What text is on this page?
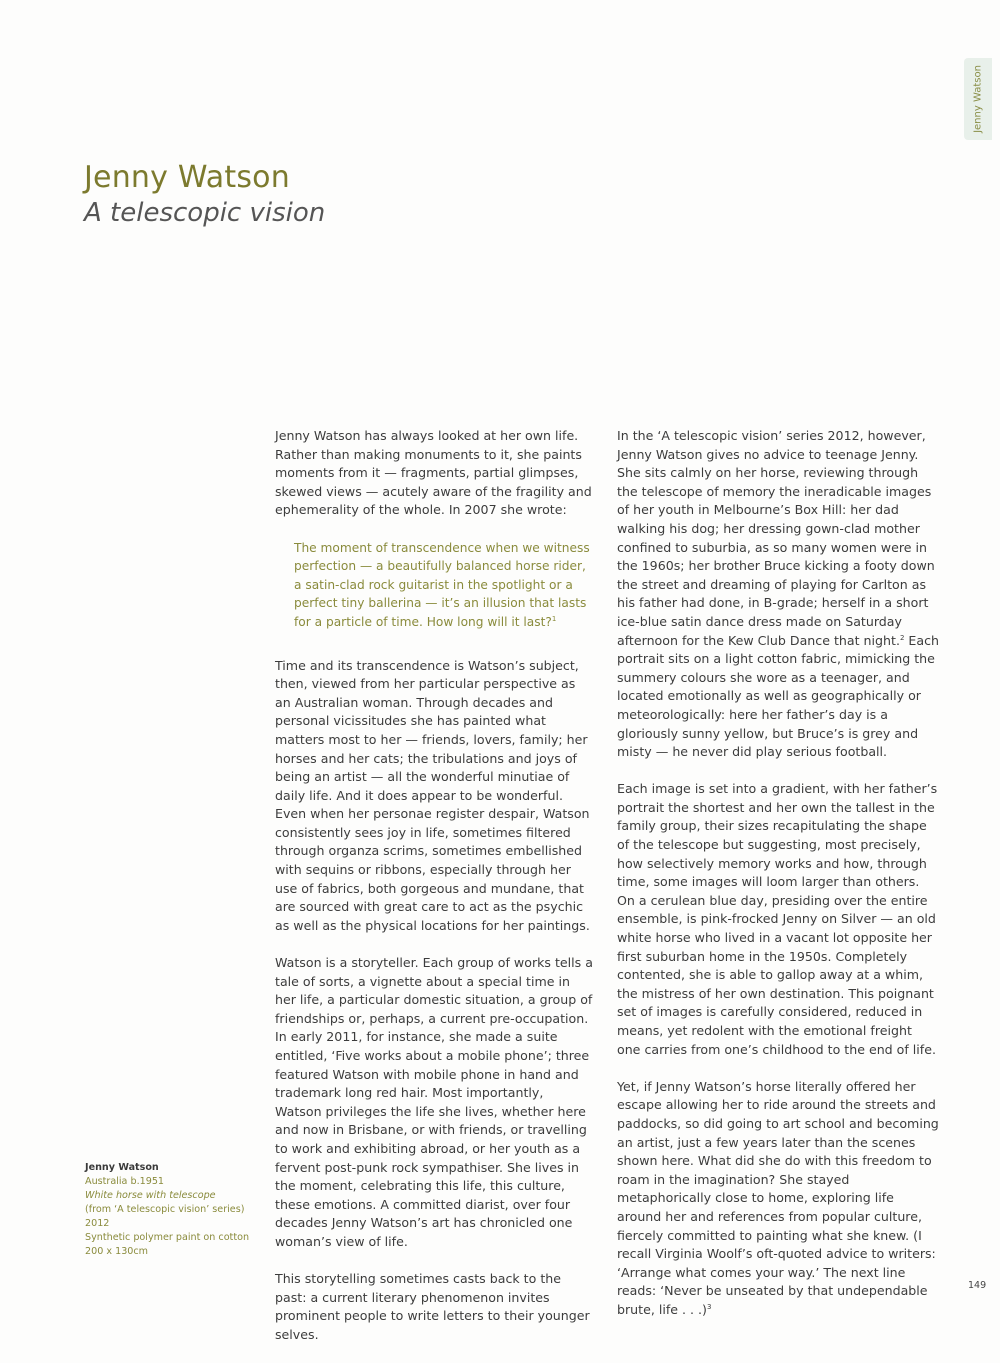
Jenny Watson
Jenny Watson
A telescopic vision

Jenny Watson has always looked at her own life. Rather than making monuments to it, she paints moments from it — fragments, partial glimpses, skewed views — acutely aware of the fragility and ephemerality of the whole. In 2007 she wrote:

The moment of transcendence when we witness perfection — a beautifully balanced horse rider, a satin-clad rock guitarist in the spotlight or a perfect tiny ballerina — it’s an illusion that lasts for a particle of time. How long will it last?$^1$

Time and its transcendence is Watson’s subject, then, viewed from her particular perspective as an Australian woman. Through decades and personal vicissitudes she has painted what matters most to her — friends, lovers, family; her horses and her cats; the tribulations and joys of being an artist — all the wonderful minutiae of daily life. And it does appear to be wonderful. Even when her personae register despair, Watson consistently sees joy in life, sometimes filtered through organza scrims, sometimes embellished with sequins or ribbons, especially through her use of fabrics, both gorgeous and mundane, that are sourced with great care to act as the psychic as well as the physical locations for her paintings.

Watson is a storyteller. Each group of works tells a tale of sorts, a vignette about a special time in her life, a particular domestic situation, a group of friendships or, perhaps, a current pre-occupation. In early 2011, for instance, she made a suite entitled, ‘Five works about a mobile phone’; three featured Watson with mobile phone in hand and trademark long red hair. Most importantly, Watson privileges the life she lives, whether here and now in Brisbane, or with friends, or travelling to work and exhibiting abroad, or her youth as a fervent post-punk rock sympathiser. She lives in the moment, celebrating this life, this culture, these emotions. A committed diarist, over four decades Jenny Watson’s art has chronicled one woman’s view of life.

This storytelling sometimes casts back to the past: a current literary phenomenon invites prominent people to write letters to their younger selves.

In the ‘A telescopic vision’ series 2012, however, Jenny Watson gives no advice to teenage Jenny. She sits calmly on her horse, reviewing through the telescope of memory the ineradicable images of her youth in Melbourne’s Box Hill: her dad walking his dog; her dressing gown-clad mother confined to suburbia, as so many women were in the 1960s; her brother Bruce kicking a footy down the street and dreaming of playing for Carlton as his father had done, in B-grade; herself in a short ice-blue satin dance dress made on Saturday afternoon for the Kew Club Dance that night.$^2$ Each portrait sits on a light cotton fabric, mimicking the summery colours she wore as a teenager, and located emotionally as well as geographically or meteorologically: here her father’s day is a gloriously sunny yellow, but Bruce’s is grey and misty — he never did play serious football.

Each image is set into a gradient, with her father’s portrait the shortest and her own the tallest in the family group, their sizes recapitulating the shape of the telescope but suggesting, most precisely, how selectively memory works and how, through time, some images will loom larger than others. On a cerulean blue day, presiding over the entire ensemble, is pink-frocked Jenny on Silver — an old white horse who lived in a vacant lot opposite her first suburban home in the 1950s. Completely contented, she is able to gallop away at a whim, the mistress of her own destination. This poignant set of images is carefully considered, reduced in means, yet redolent with the emotional freight one carries from one’s childhood to the end of life.

Yet, if Jenny Watson’s horse literally offered her escape allowing her to ride around the streets and paddocks, so did going to art school and becoming an artist, just a few years later than the scenes shown here. What did she do with this freedom to roam in the imagination? She stayed metaphorically close to home, exploring life around her and references from popular culture, fiercely committed to painting what she knew. (I recall Virginia Woolf’s oft-quoted advice to writers: ‘Arrange what comes your way.’ The next line reads: ‘Never be unseated by that undependable brute, life . . .)$^3$

Jenny Watson
Australia b.1951
White horse with telescope
(from ‘A telescopic vision’ series) 2012
Synthetic polymer paint on cotton
200 x 130cm
149
